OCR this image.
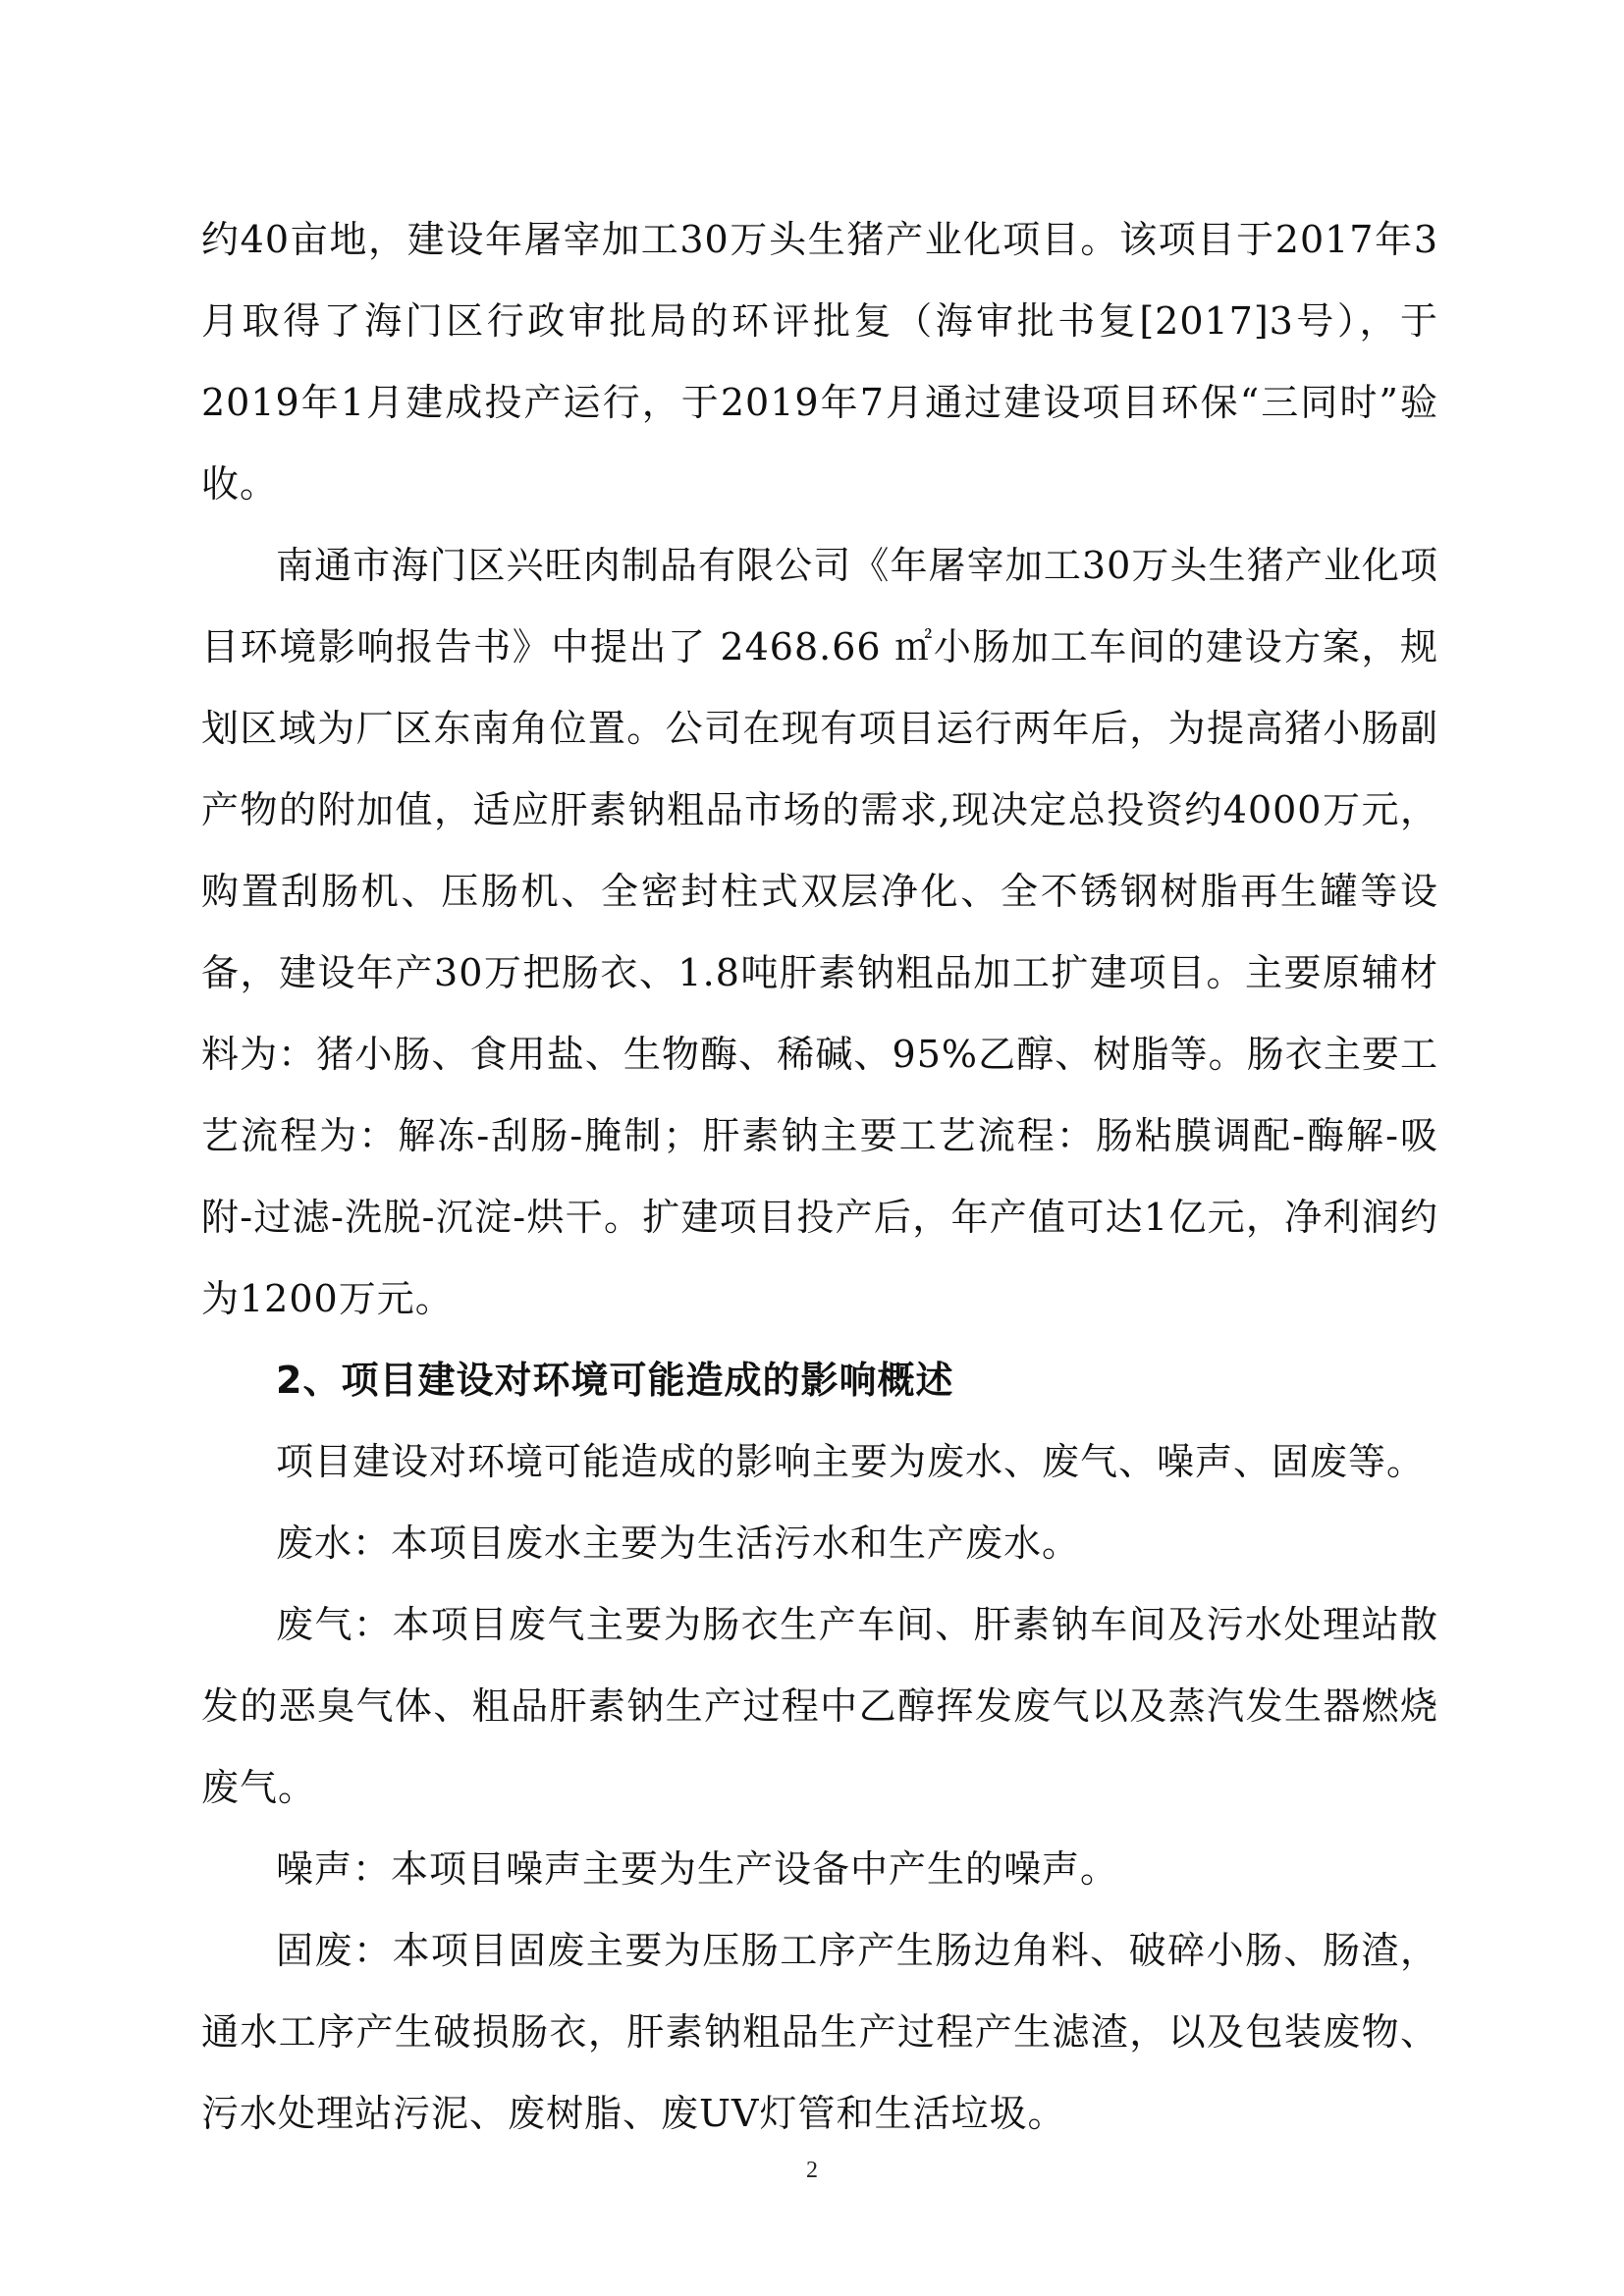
约40亩地，建设年屠宰加工30万头生猪产业化项目。该项目于2017年3月取得了海门区行政审批局的环评批复（海审批书复[2017]3号），于2019年1月建成投产运行，于2019年7月通过建设项目环保“三同时”验收。

南通市海门区兴旺肉制品有限公司《年屠宰加工30万头生猪产业化项目环境影响报告书》中提出了 2468.66 ㎡小肠加工车间的建设方案，规划区域为厂区东南角位置。公司在现有项目运行两年后，为提高猪小肠副产物的附加值，适应肝素钠粗品市场的需求,现决定总投资约4000万元，购置刮肠机、压肠机、全密封柱式双层净化、全不锈钢树脂再生罐等设备，建设年产30万把肠衣、1.8吨肝素钠粗品加工扩建项目。主要原辅材料为：猪小肠、食用盐、生物酶、稀碱、95%乙醇、树脂等。肠衣主要工艺流程为：解冻-刮肠-腌制；肝素钠主要工艺流程：肠粘膜调配-酶解-吸附-过滤-洗脱-沉淀-烘干。扩建项目投产后，年产值可达1亿元，净利润约为1200万元。

2、项目建设对环境可能造成的影响概述

项目建设对环境可能造成的影响主要为废水、废气、噪声、固废等。

废水：本项目废水主要为生活污水和生产废水。

废气：本项目废气主要为肠衣生产车间、肝素钠车间及污水处理站散发的恶臭气体、粗品肝素钠生产过程中乙醇挥发废气以及蒸汽发生器燃烧废气。

噪声：本项目噪声主要为生产设备中产生的噪声。

固废：本项目固废主要为压肠工序产生肠边角料、破碎小肠、肠渣，通水工序产生破损肠衣，肝素钠粗品生产过程产生滤渣，以及包装废物、污水处理站污泥、废树脂、废UV灯管和生活垃圾。

2
